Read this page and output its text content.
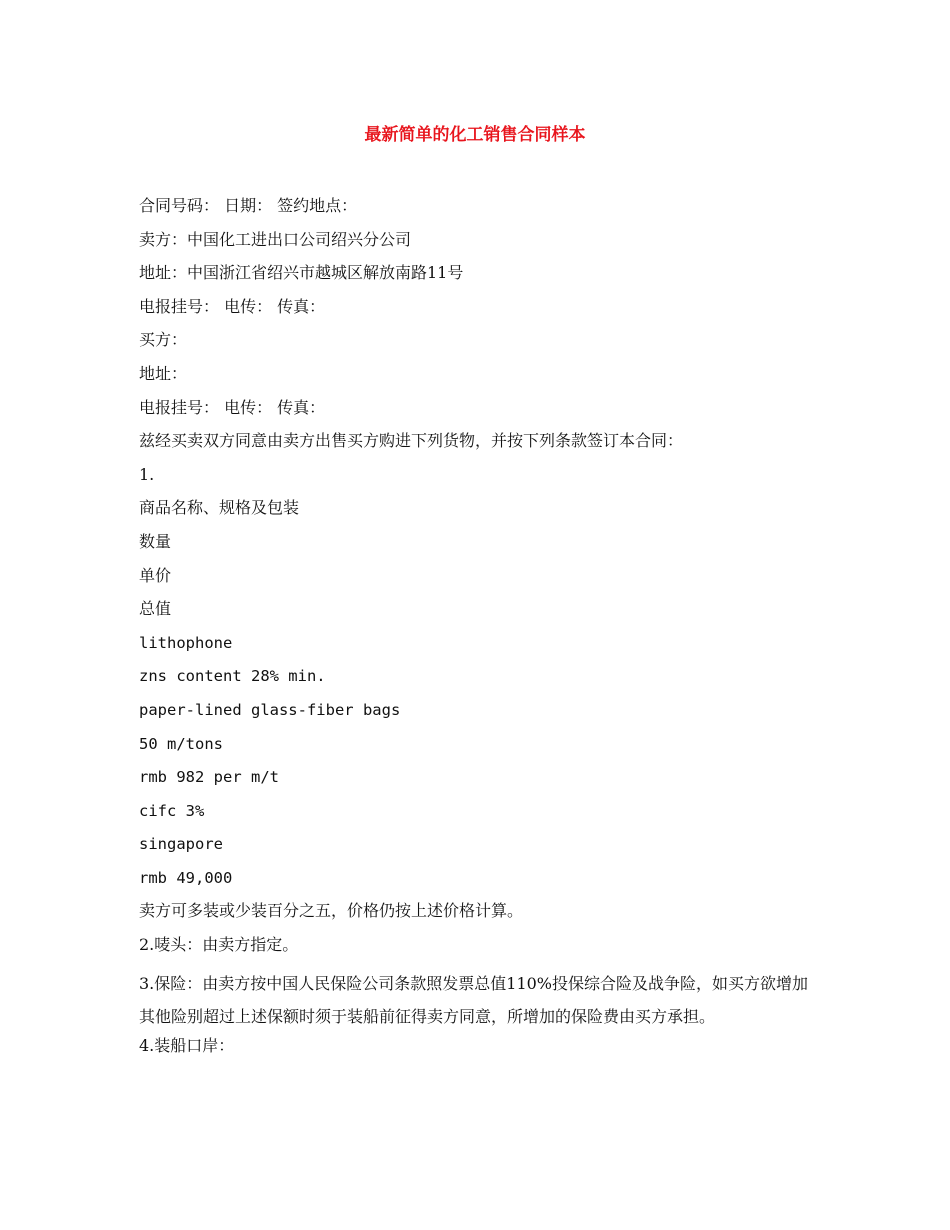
最新简单的化工销售合同样本

合同号码： 日期： 签约地点：

卖方：中国化工进出口公司绍兴分公司

地址：中国浙江省绍兴市越城区解放南路11号

电报挂号： 电传： 传真：

买方：

地址：

电报挂号： 电传： 传真：

兹经买卖双方同意由卖方出售买方购进下列货物，并按下列条款签订本合同：

1.

商品名称、规格及包装

数量

单价

总值

lithophone

zns content 28% min.

paper-lined glass-fiber bags

50 m/tons

rmb 982 per m/t

cifc 3%

singapore

rmb 49,000

卖方可多装或少装百分之五，价格仍按上述价格计算。

2.唛头：由卖方指定。

3.保险：由卖方按中国人民保险公司条款照发票总值110%投保综合险及战争险，如买方欲增加其他险别超过上述保额时须于装船前征得卖方同意，所增加的保险费由买方承担。

4.装船口岸：
